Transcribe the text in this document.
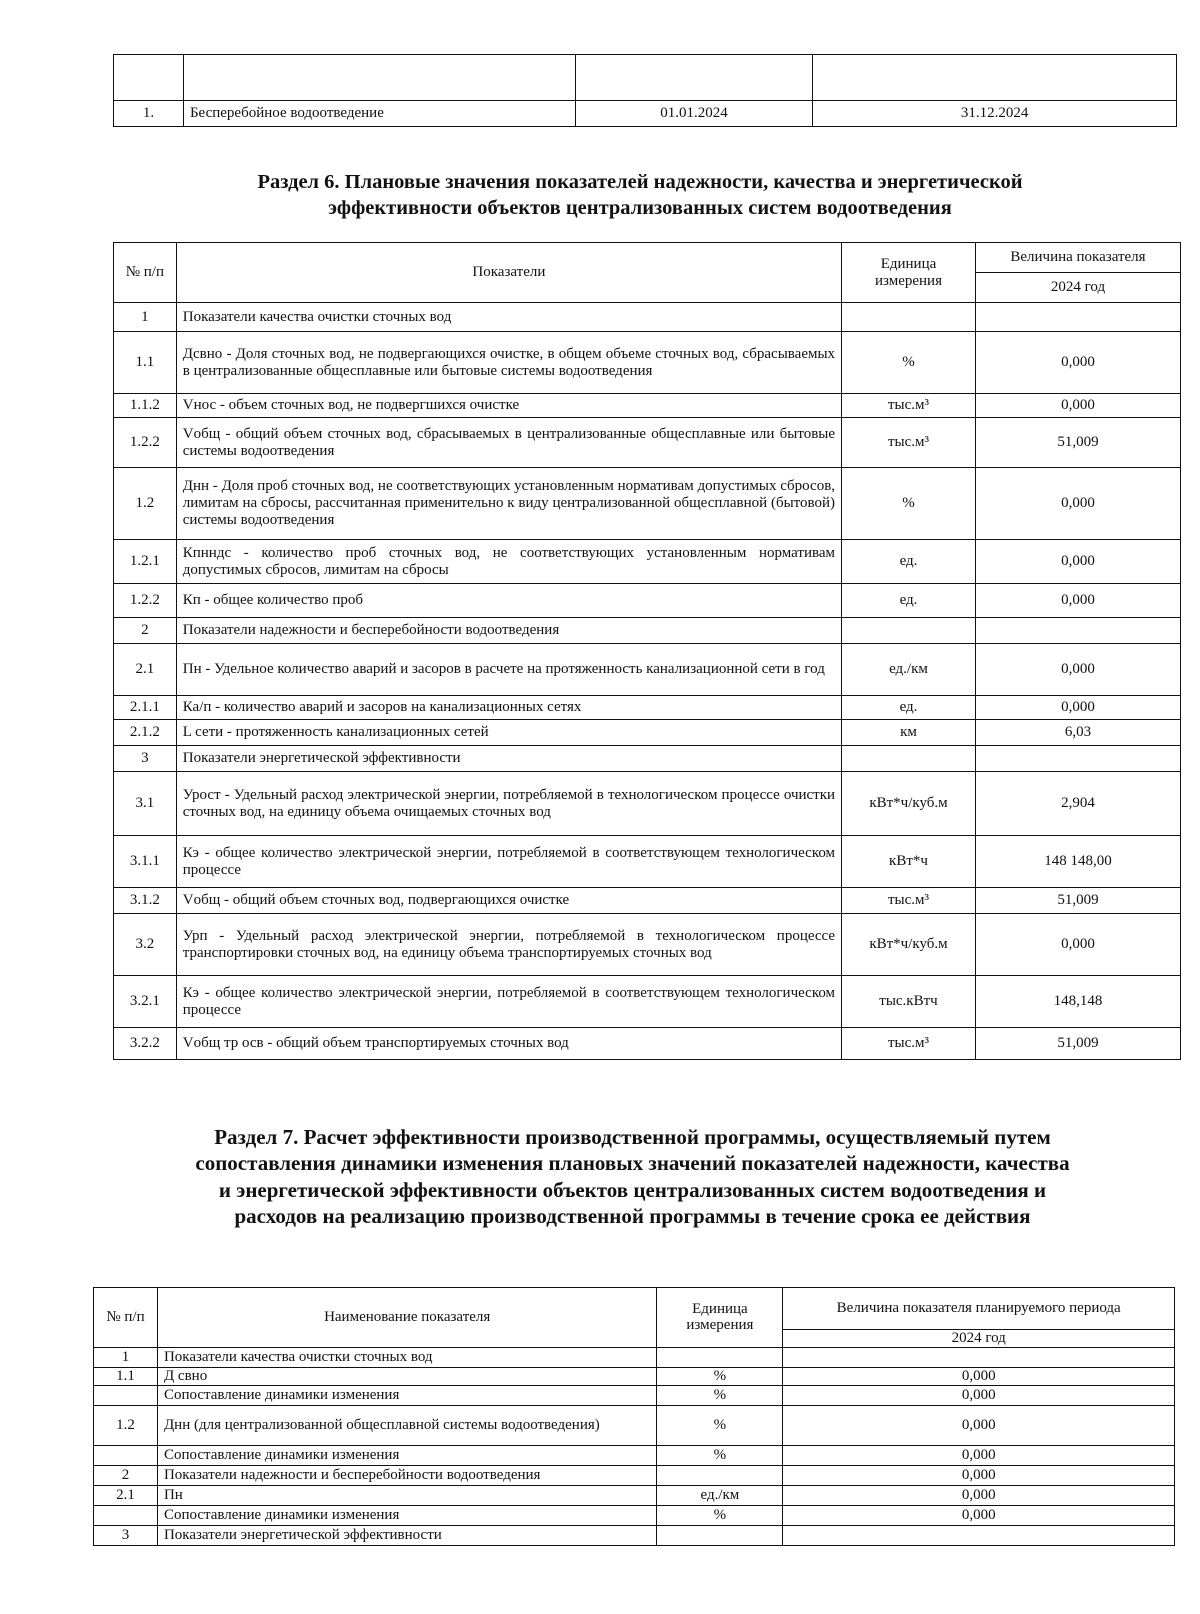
1.	Бесперебойное водоотведение	01.01.2024	31.12.2024
Раздел 6. Плановые значения показателей надежности, качества и энергетической
эффективности объектов централизованных систем водоотведения
№ п/п	Показатели	Единица измерения	Величина показателя
			2024 год
1	Показатели качества очистки сточных вод		
1.1	Дсвно - Доля сточных вод, не подвергающихся очистке, в общем объеме сточных вод, сбрасываемых в централизованные общесплавные или бытовые системы водоотведения	%	0,000
1.1.2	Vнос - объем сточных вод, не подвергшихся очистке	тыс.м³	0,000
1.2.2	Vобщ - общий объем сточных вод, сбрасываемых в централизованные общесплавные или бытовые системы водоотведения	тыс.м³	51,009
1.2	Днн - Доля проб сточных вод, не соответствующих установленным нормативам допустимых сбросов, лимитам на сбросы, рассчитанная применительно к виду централизованной общесплавной (бытовой) системы водоотведения	%	0,000
1.2.1	Кпнндс - количество проб сточных вод, не соответствующих установленным нормативам допустимых сбросов, лимитам на сбросы	ед.	0,000
1.2.2	Кп - общее количество проб	ед.	0,000
2	Показатели надежности и бесперебойности водоотведения		
2.1	Пн - Удельное количество аварий и засоров в расчете на протяженность канализационной сети в год	ед./км	0,000
2.1.1	Ка/п - количество аварий и засоров на канализационных сетях	ед.	0,000
2.1.2	L сети - протяженность канализационных сетей	км	6,03
3	Показатели энергетической эффективности		
3.1	Урост - Удельный расход электрической энергии, потребляемой в технологическом процессе очистки сточных вод, на единицу объема очищаемых сточных вод	кВт*ч/куб.м	2,904
3.1.1	Кэ - общее количество электрической энергии, потребляемой в соответствующем технологическом процессе	кВт*ч	148 148,00
3.1.2	Vобщ - общий объем сточных вод, подвергающихся очистке	тыс.м³	51,009
3.2	Урп - Удельный расход электрической энергии, потребляемой в технологическом процессе транспортировки сточных вод, на единицу объема транспортируемых сточных вод	кВт*ч/куб.м	0,000
3.2.1	Кэ - общее количество электрической энергии, потребляемой в соответствующем технологическом процессе	тыс.кВтч	148,148
3.2.2	Vобщ тр осв - общий объем транспортируемых сточных вод	тыс.м³	51,009
Раздел 7. Расчет эффективности производственной программы, осуществляемый путем
сопоставления динамики изменения плановых значений показателей надежности, качества
и энергетической эффективности объектов централизованных систем водоотведения и
расходов на реализацию производственной программы в течение срока ее действия
№ п/п	Наименование показателя	Единица измерения	Величина показателя планируемого периода
			2024 год
1	Показатели качества очистки сточных вод		
1.1	Д свно	%	0,000
	Сопоставление динамики изменения	%	0,000
1.2	Днн (для централизованной общесплавной системы водоотведения)	%	0,000
	Сопоставление динамики изменения	%	0,000
2	Показатели надежности и бесперебойности водоотведения		0,000
2.1	Пн	ед./км	0,000
	Сопоставление динамики изменения	%	0,000
3	Показатели энергетической эффективности		
